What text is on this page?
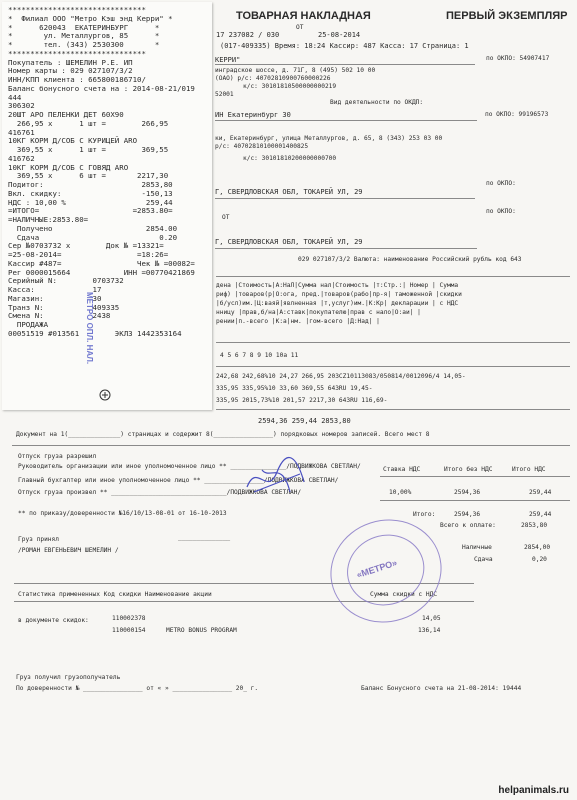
ТОВАРНАЯ НАКЛАДНАЯ	ПЕРВЫЙ ЭКЗЕМПЛЯР
ОТ
17 237082 / 030	25-08-2014
(017-409335) Время: 18:24 Кассир: 487 Касса: 17 Страница: 1
по ОКПО: 54907417
КЕРРИ"
инградское шоссе, д. 71Г, 8 (495) 502 10 00
(ОАО) р/с: 40702810900760000226
к/с: 30101810500000000219
52001
Вид деятельности по ОКДП:
по ОКПО: 99196573
ИН Екатеринбург 30
ки, Екатеринбург, улица Металлургов, д. 65, 8 (343) 253 03 00
р/с: 40702810100001400825
к/с: 30101810200000000700
по ОКПО:
Г, СВЕРДЛОВСКАЯ ОБЛ, ТОКАРЕЙ УЛ, 29
по ОКПО:
ОТ
Г, СВЕРДЛОВСКАЯ ОБЛ, ТОКАРЕЙ УЛ, 29
029 027107/3/2 Валюта: наименование Российский рубль код 643
дена |Стоимость|А:НаЛ|Сумма нал|Стоимость |т:Стр.:| Номер | Сумма
риф) |товаров(р|О:ога, пред.|товаров(рабо|пр-я| таможенной |скидки
|б/усл)им.|Ц:ваяй|явлненная |т,услуг)им.|К:Кр| декларации | с НДС
нницу |прав,б/на|А:ставк|покупателю|прав с нало|О:аи| |
рении|п.-всего |К:а|нм. |гом-всего |Д:Над| |
4 5 6 7 8 9 10 10а 11
242,68 242,68%10 24,27 266,95 203CZ10113083/050814/0012096/4 14,05-
335,95 335,95%10 33,60 369,55 643RU 19,45-
335,95 2015,73%10 201,57 2217,30 643RU 116,69-
2594,36 259,44 2853,80
Документ на 1(______________) страницах и содержит 8(________________) порядковых номеров записей. Всего мест 8
Отпуск груза разрешил
Руководитель организации или иное уполномоченное лицо ** _______________/ПОДВИЖКОВА СВЕТЛАН/
Главный бухгалтер или иное уполномоченное лицо ** ________________/ПОДВИЖКОВА СВЕТЛАН/
Отпуск груза произвел ** _______________________________/ПОДВИЖКОВА СВЕТЛАН/
** по приказу/доверенности №16/10/13-08-01 от 16-10-2013
Ставка НДС	Итого без НДС	Итого НДС
10,00%	2594,36	259,44
Итого:	2594,36	259,44
Всего к оплате:	2853,80
Груз принял	______________
/РОМАН ЕВГЕНЬЕВИЧ ШЕМЕЛИН /	Наличные	2854,00
Сдача	0,20
Статистика примененных Код скидки Наименование акции	Сумма скидки с НДС
в документе скидок:	110002378	14,05
110000154	METRO BONUS PROGRAM	136,14
Груз получил грузополучатель
По доверенности № ________________ от « » ________________ 20_ г.	Баланс Бонусного счета на 21-08-2014: 19444
«МЕТРО»
helpanimals.ru
*******************************
*  Филиал ООО "Метро Кэш энд Керри" *
*      620043  ЕКАТЕРИНБУРГ      *
*       ул. Металлургов, 85      *
*       тел. (343) 2530300       *
*******************************
Покупатель : ШЕМЕЛИН Р.Е. ИП
Номер карты : 029 027107/3/2
ИНН/КПП клиента : 665800186710/
Баланс бонусного счета на : 2014-08-21/019
444
306302
20ШТ АРО ПЕЛЕНКИ ДЕТ 60Х90
266,95 х      1 шт =        266,95
416761
10КГ КОРМ Д/СОБ С КУРИЦЕЙ АRO
369,55 х      1 шт =        369,55
416762
10КГ КОРМ Д/СОБ С ГОВЯД АRO
369,55 х      6 шт =       2217,30
Подитог:                      2853,80
Вкл. скидку:                  -150,13
НДС : 10,00 %                  259,44
=ИТОГО=                     =2853.80=
=НАЛИЧНЫЕ:2853.80=
Получено                     2854.00
Сдача                           0.20
Сер №0703732 х        Док № =13321=
=25-08-2014=                 =18:26=
Кассир #487=                 Чек № =00082=
Рег 0000015664            ИНН =00770421869
Серийный N:        0703732
Касса:             17
Магазин:           30
Транз N:           409335
Смена N:           2438
ПРОДАЖА
00051519 #013561        ЭКЛЗ 1442353164
МЕТРО ОПЛ. НАЛ.
